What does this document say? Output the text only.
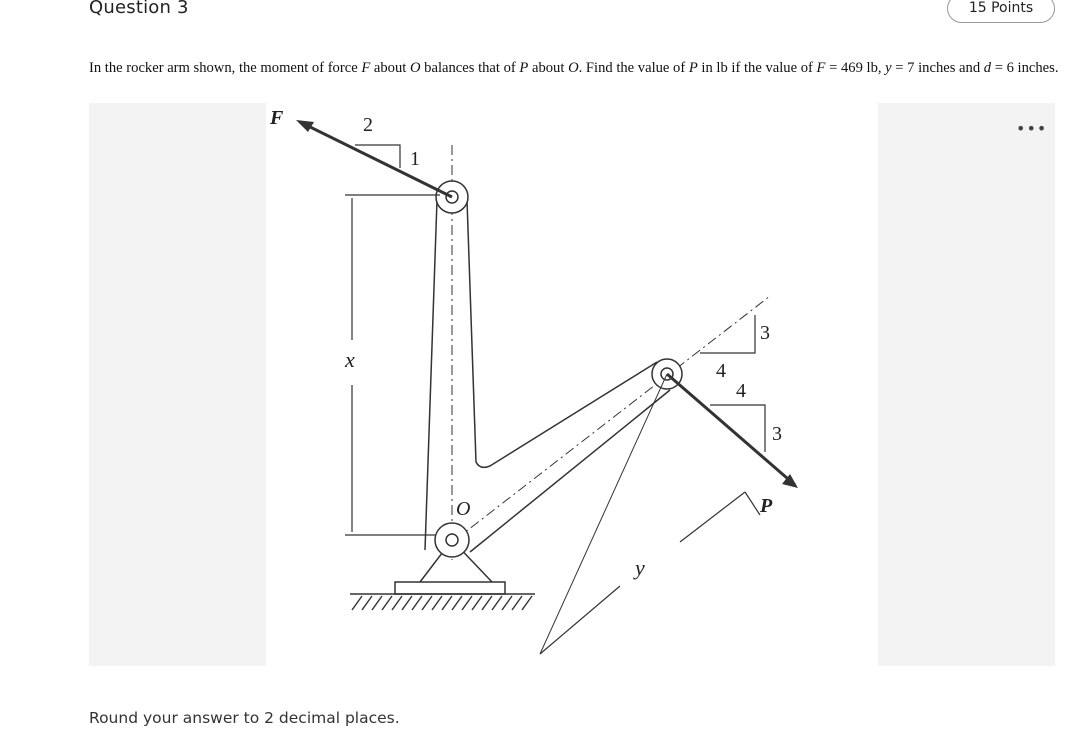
Question 3	15 Points
In the rocker arm shown, the moment of force F about O balances that of P about O. Find the value of P in lb if the value of F = 469 lb, y = 7 inches and d = 6 inches.
•••
F	2
1
x
3
4
4
3
P
O
y
Round your answer to 2 decimal places.
